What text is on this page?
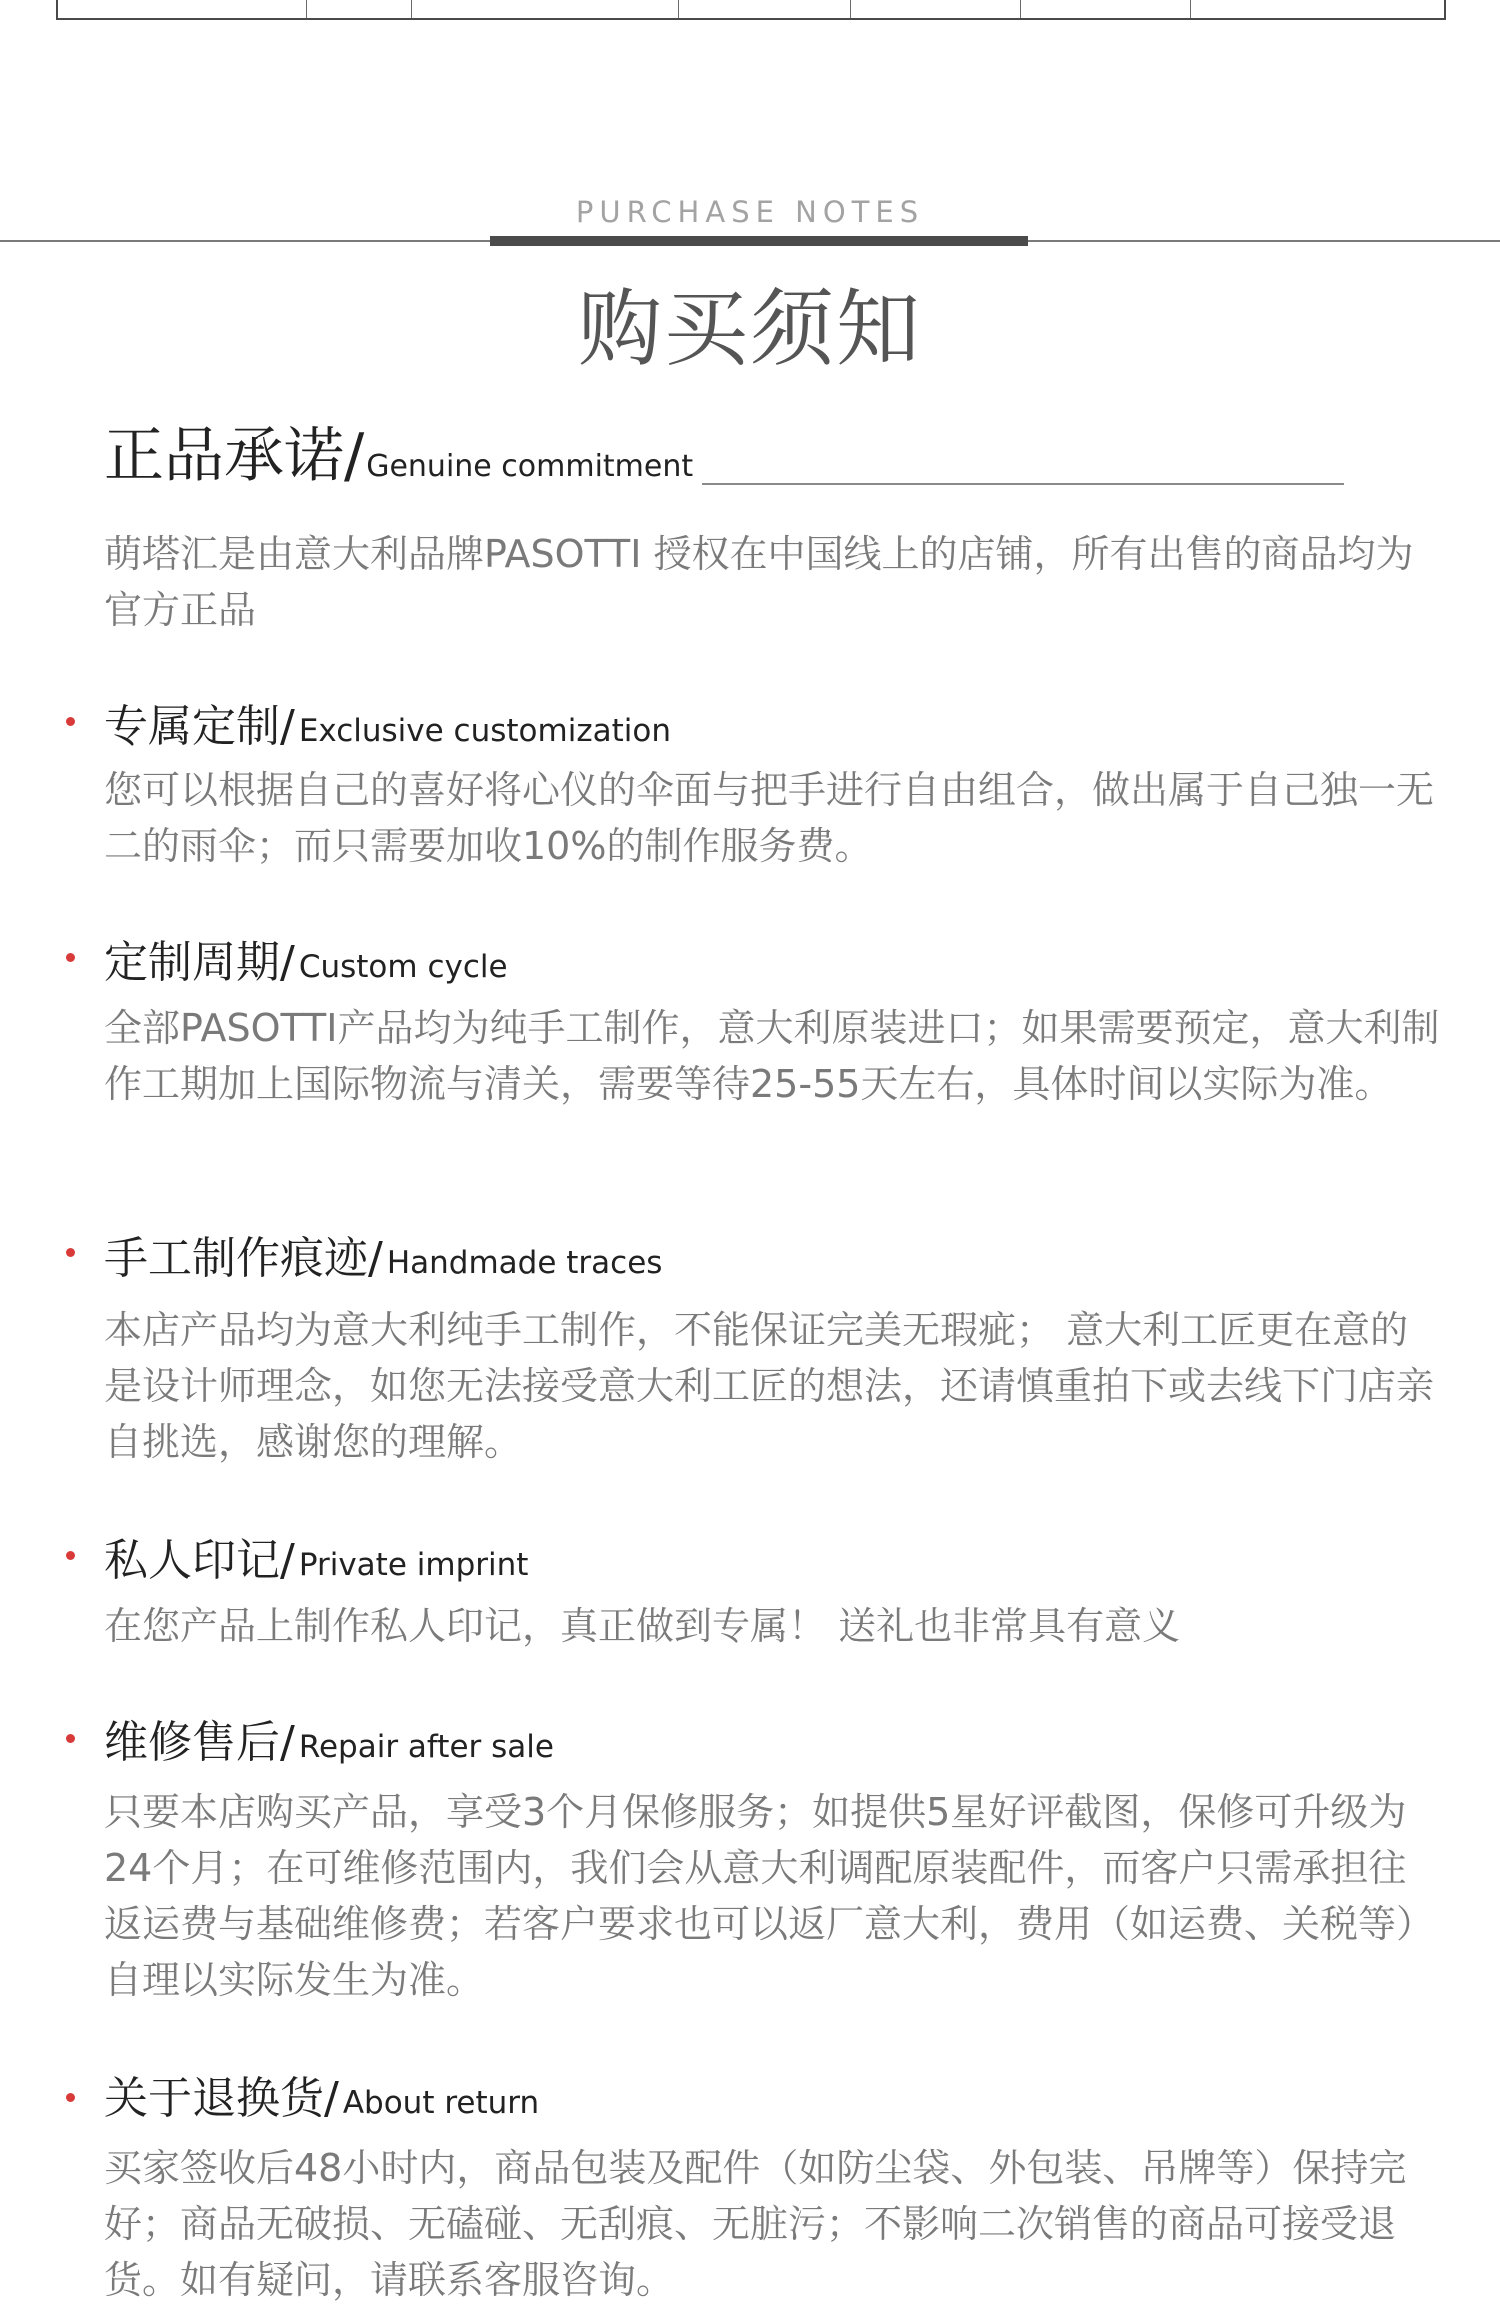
PURCHASE NOTES
购买须知
正品承诺/Genuine commitment
萌塔汇是由意大利品牌PASOTTI 授权在中国线上的店铺，所有出售的商品均为官方正品
专属定制/ Exclusive customization
您可以根据自己的喜好将心仪的伞面与把手进行自由组合，做出属于自己独一无二的雨伞；而只需要加收10%的制作服务费。
定制周期/ Custom cycle
全部PASOTTI产品均为纯手工制作，意大利原装进口；如果需要预定，意大利制作工期加上国际物流与清关，需要等待25-55天左右，具体时间以实际为准。
手工制作痕迹/ Handmade traces
本店产品均为意大利纯手工制作，不能保证完美无瑕疵； 意大利工匠更在意的是设计师理念，如您无法接受意大利工匠的想法，还请慎重拍下或去线下门店亲自挑选，感谢您的理解。
私人印记/ Private imprint
在您产品上制作私人印记，真正做到专属！ 送礼也非常具有意义
维修售后/ Repair after sale
只要本店购买产品，享受3个月保修服务；如提供5星好评截图，保修可升级为24个月；在可维修范围内，我们会从意大利调配原装配件，而客户只需承担往返运费与基础维修费；若客户要求也可以返厂意大利，费用（如运费、关税等）自理以实际发生为准。
关于退换货/ About return
买家签收后48小时内，商品包装及配件（如防尘袋、外包装、吊牌等）保持完好；商品无破损、无磕碰、无刮痕、无脏污；不影响二次销售的商品可接受退货。如有疑问，请联系客服咨询。
